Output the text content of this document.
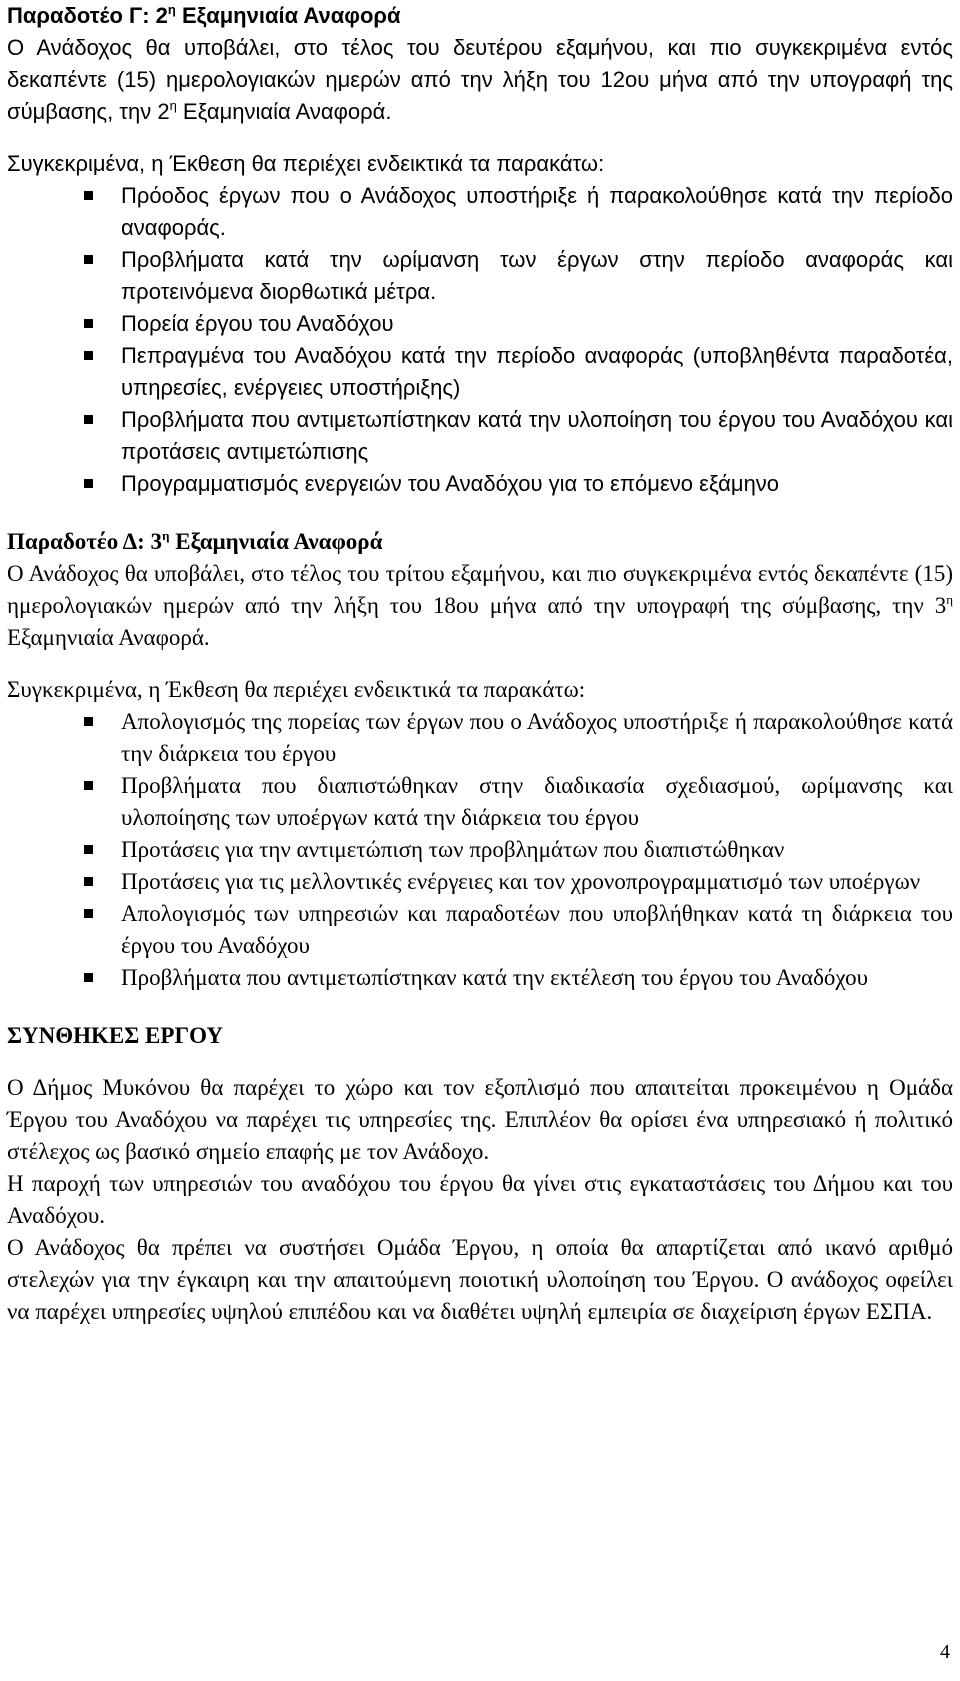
Παραδοτέο Γ: $2^\eta$ Εξαμηνιαία Αναφορά

Ο Ανάδοχος θα υποβάλει, στο τέλος του δευτέρου εξαμήνου, και πιο συγκεκριμένα εντός δεκαπέντε (15) ημερολογιακών ημερών από την λήξη του 12ου μήνα από την υπογραφή της σύμβασης, την $2^\eta$ Εξαμηνιαία Αναφορά.

Συγκεκριμένα, η Έκθεση θα περιέχει ενδεικτικά τα παρακάτω:

Πρόοδος έργων που ο Ανάδοχος υποστήριξε ή παρακολούθησε κατά την περίοδο αναφοράς.
Προβλήματα κατά την ωρίμανση των έργων στην περίοδο αναφοράς και προτεινόμενα διορθωτικά μέτρα.
Πορεία έργου του Αναδόχου
Πεπραγμένα του Αναδόχου κατά την περίοδο αναφοράς (υποβληθέντα παραδοτέα, υπηρεσίες, ενέργειες υποστήριξης)
Προβλήματα που αντιμετωπίστηκαν κατά την υλοποίηση του έργου του Αναδόχου και προτάσεις αντιμετώπισης
Προγραμματισμός ενεργειών του Αναδόχου για το επόμενο εξάμηνο

Παραδοτέο Δ: $3^\eta$ Εξαμηνιαία Αναφορά

Ο Ανάδοχος θα υποβάλει, στο τέλος του τρίτου εξαμήνου, και πιο συγκεκριμένα εντός δεκαπέντε (15) ημερολογιακών ημερών από την λήξη του 18ου μήνα από την υπογραφή της σύμβασης, την $3^\eta$ Εξαμηνιαία Αναφορά.

Συγκεκριμένα, η Έκθεση θα περιέχει ενδεικτικά τα παρακάτω:

Απολογισμός της πορείας των έργων που ο Ανάδοχος υποστήριξε ή παρακολούθησε κατά την διάρκεια του έργου
Προβλήματα που διαπιστώθηκαν στην διαδικασία σχεδιασμού, ωρίμανσης και υλοποίησης των υποέργων κατά την διάρκεια του έργου
Προτάσεις για την αντιμετώπιση των προβλημάτων που διαπιστώθηκαν
Προτάσεις για τις μελλοντικές ενέργειες και τον χρονοπρογραμματισμό των υποέργων
Απολογισμός των υπηρεσιών και παραδοτέων που υποβλήθηκαν κατά τη διάρκεια του έργου του Αναδόχου
Προβλήματα που αντιμετωπίστηκαν κατά την εκτέλεση του έργου του Αναδόχου

ΣΥΝΘΗΚΕΣ ΕΡΓΟΥ

Ο Δήμος Μυκόνου θα παρέχει το χώρο και τον εξοπλισμό που απαιτείται προκειμένου η Ομάδα Έργου του Αναδόχου να παρέχει τις υπηρεσίες της. Επιπλέον θα ορίσει ένα υπηρεσιακό ή πολιτικό στέλεχος ως βασικό σημείο επαφής με τον Ανάδοχο.

Η παροχή των υπηρεσιών του αναδόχου του έργου θα γίνει στις εγκαταστάσεις του Δήμου και του Αναδόχου.

Ο Ανάδοχος θα πρέπει να συστήσει Ομάδα Έργου, η οποία θα απαρτίζεται από ικανό αριθμό στελεχών για την έγκαιρη και την απαιτούμενη ποιοτική υλοποίηση του Έργου. Ο ανάδοχος οφείλει να παρέχει υπηρεσίες υψηλού επιπέδου και να διαθέτει υψηλή εμπειρία σε διαχείριση έργων ΕΣΠΑ.

4
